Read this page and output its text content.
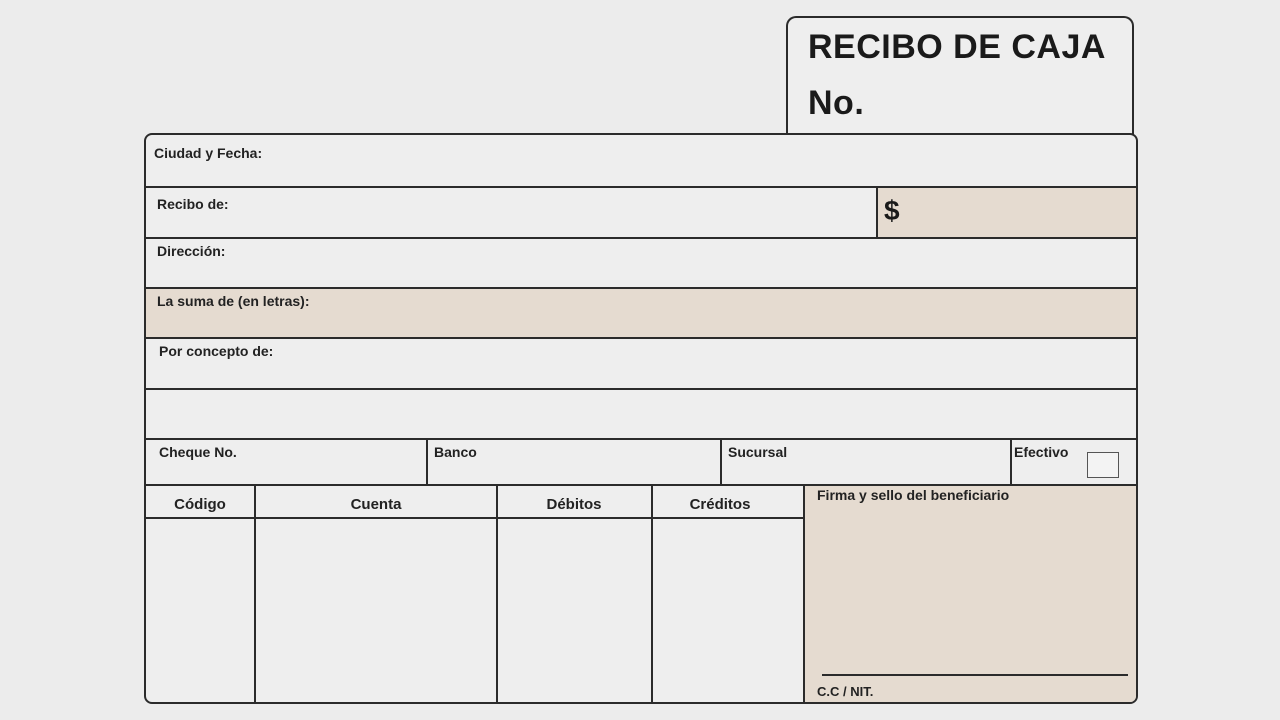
RECIBO DE CAJA
No.
Ciudad y Fecha:
Recibo de:	$
Dirección:
La suma de (en letras):
Por concepto de:
Cheque No.	Banco	Sucursal	Efectivo
Código	Cuenta	Débitos	Créditos
Firma y sello del beneficiario
C.C / NIT.
